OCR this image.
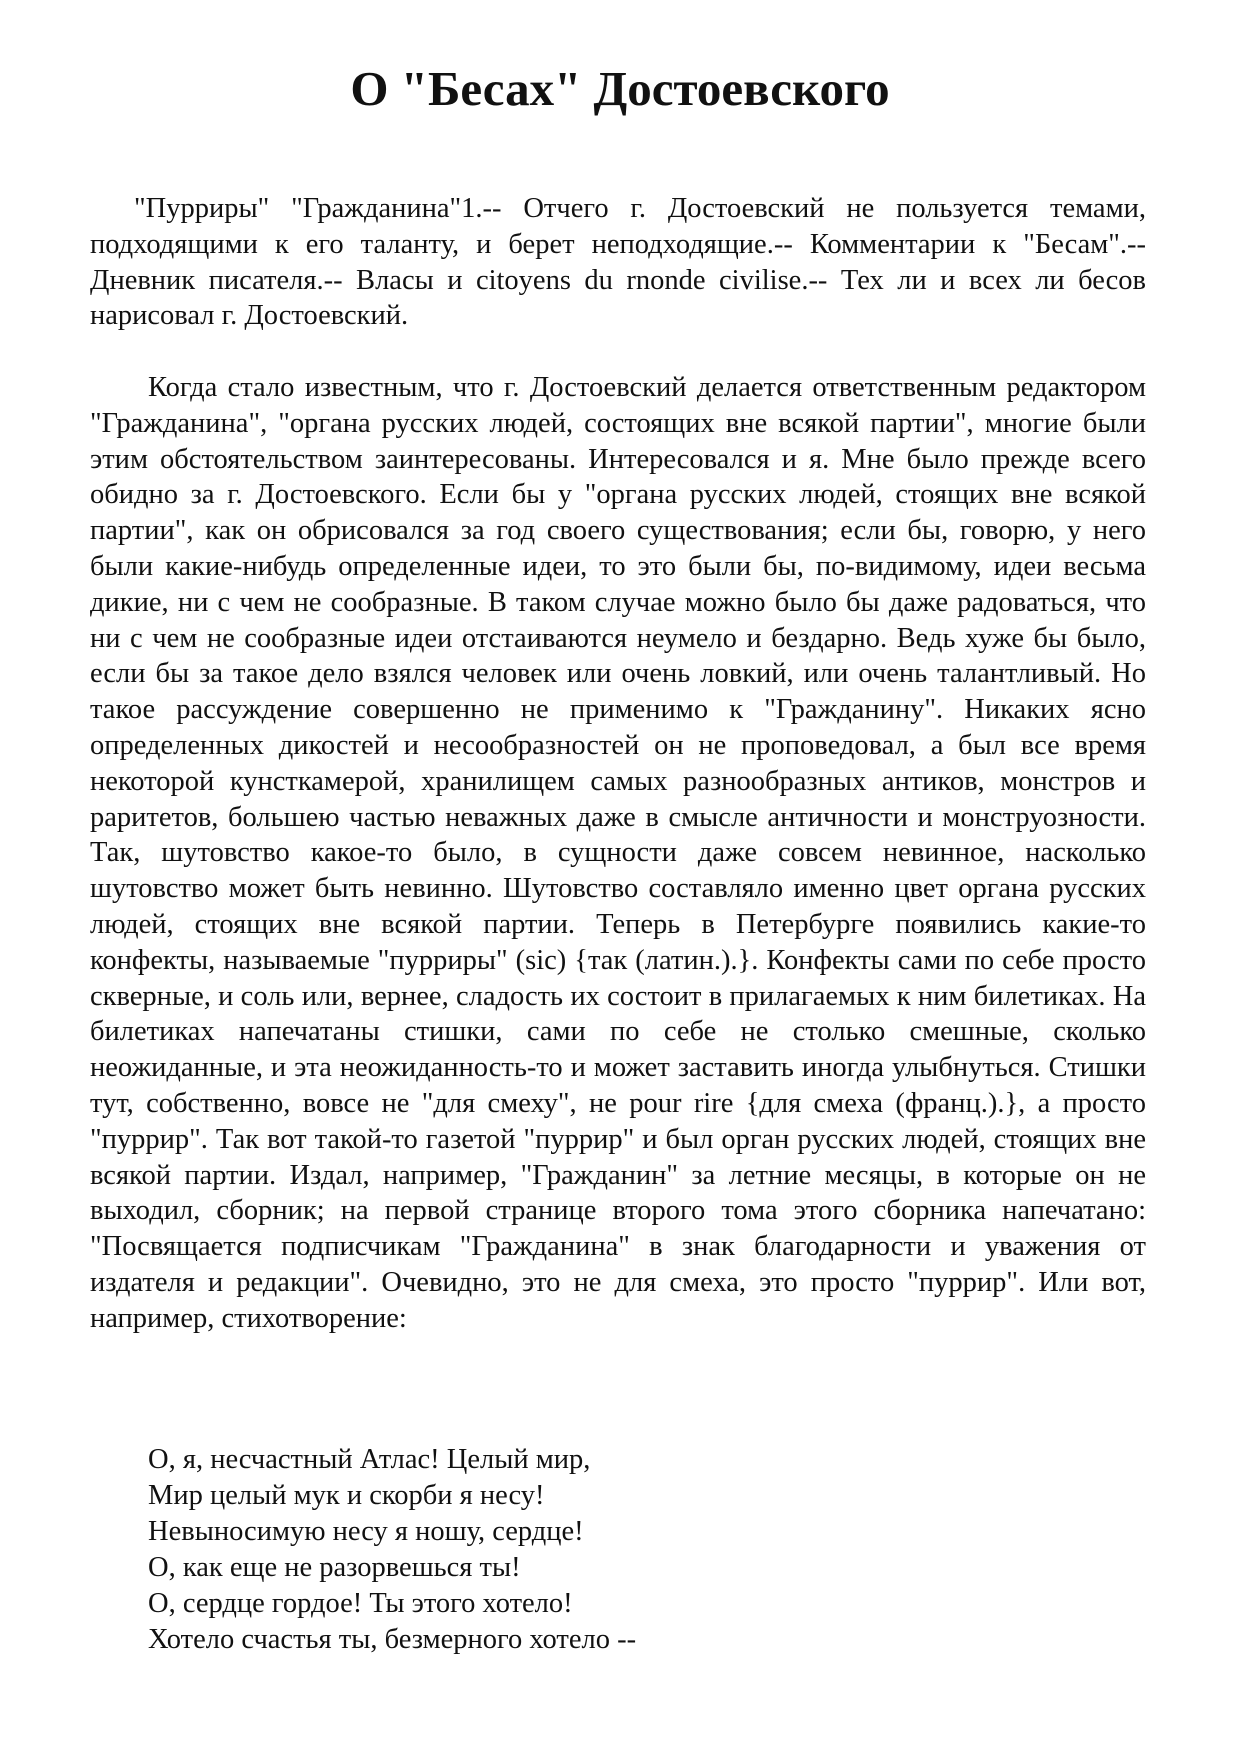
О "Бесах" Достоевского

"Пурриры" "Гражданина"1.-- Отчего г. Достоевский не пользуется темами, подходящими к его таланту, и берет неподходящие.-- Комментарии к "Бесам".-- Дневник писателя.-- Власы и citoyens du rnonde civilise.-- Тех ли и всех ли бесов нарисовал г. Достоевский.

Когда стало известным, что г. Достоевский делается ответственным редактором "Гражданина", "органа русских людей, состоящих вне всякой партии", многие были этим обстоятельством заинтересованы. Интересовался и я. Мне было прежде всего обидно за г. Достоевского. Если бы у "органа русских людей, стоящих вне всякой партии", как он обрисовался за год своего существования; если бы, говорю, у него были какие-нибудь определенные идеи, то это были бы, по-видимому, идеи весьма дикие, ни с чем не сообразные. В таком случае можно было бы даже радоваться, что ни с чем не сообразные идеи отстаиваются неумело и бездарно. Ведь хуже бы было, если бы за такое дело взялся человек или очень ловкий, или очень талантливый. Но такое рассуждение совершенно не применимо к "Гражданину". Никаких ясно определенных дикостей и несообразностей он не проповедовал, а был все время некоторой кунсткамерой, хранилищем самых разнообразных антиков, монстров и раритетов, большею частью неважных даже в смысле античности и монструозности. Так, шутовство какое-то было, в сущности даже совсем невинное, насколько шутовство может быть невинно. Шутовство составляло именно цвет органа русских людей, стоящих вне всякой партии. Теперь в Петербурге появились какие-то конфекты, называемые "пурриры" (sic) {так (латин.).}. Конфекты сами по себе просто скверные, и соль или, вернее, сладость их состоит в прилагаемых к ним билетиках. На билетиках напечатаны стишки, сами по себе не столько смешные, сколько неожиданные, и эта неожиданность-то и может заставить иногда улыбнуться. Стишки тут, собственно, вовсе не "для смеху", не pour rire {для смеха (франц.).}, а просто "пуррир". Так вот такой-то газетой "пуррир" и был орган русских людей, стоящих вне всякой партии. Издал, например, "Гражданин" за летние месяцы, в которые он не выходил, сборник; на первой странице второго тома этого сборника напечатано: "Посвящается подписчикам "Гражданина" в знак благодарности и уважения от издателя и редакции". Очевидно, это не для смеха, это просто "пуррир". Или вот, например, стихотворение:

О, я, несчастный Атлас! Целый мир,
Мир целый мук и скорби я несу!
Невыносимую несу я ношу, сердце!
О, как еще не разорвешься ты!
О, сердце гордое! Ты этого хотело!
Хотело счастья ты, безмерного хотело --
